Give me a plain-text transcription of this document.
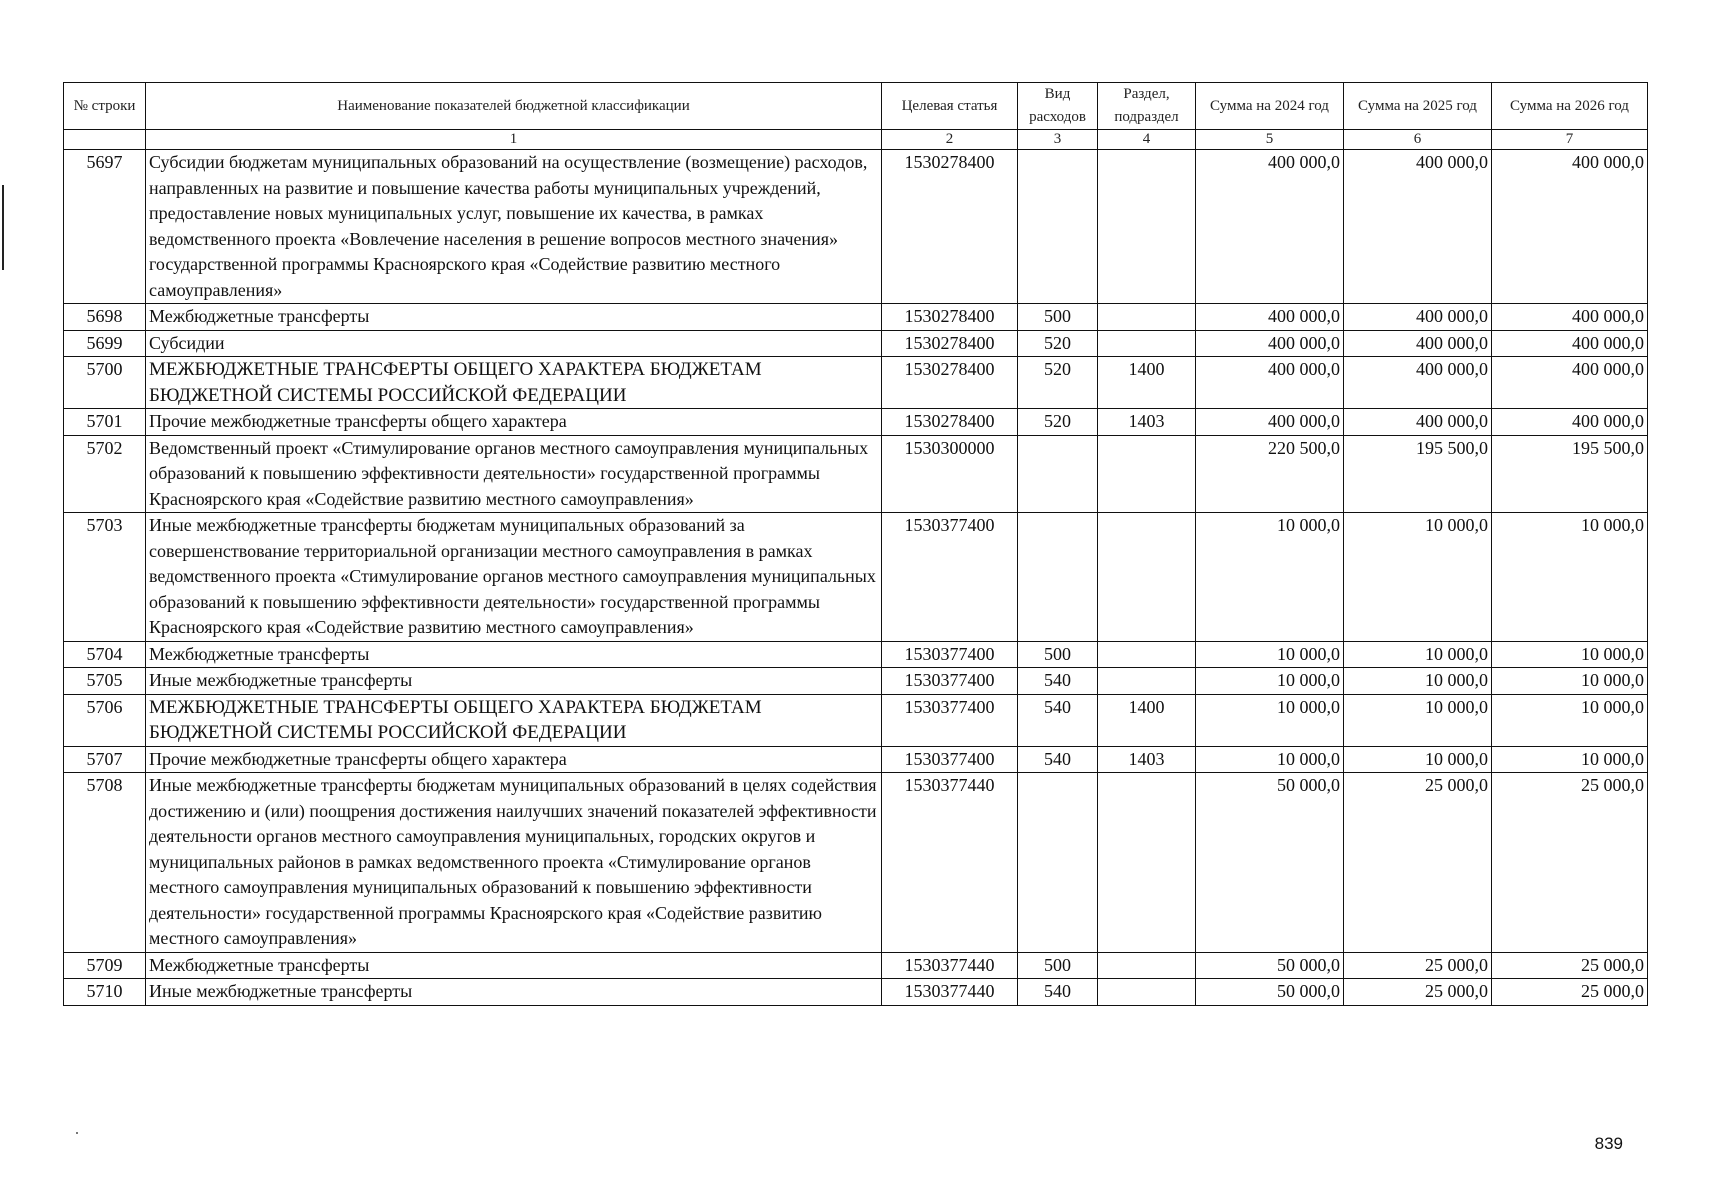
№ строки	Наименование показателей бюджетной классификации	Целевая статья	Вид расходов	Раздел, подраздел	Сумма на 2024 год	Сумма на 2025 год	Сумма на 2026 год
	1	2	3	4	5	6	7
5697	Субсидии бюджетам муниципальных образований на осуществление (возмещение) расходов, направленных на развитие и повышение качества работы муниципальных учреждений, предоставление новых муниципальных услуг, повышение их качества, в рамках ведомственного проекта «Вовлечение населения в решение вопросов местного значения» государственной программы Красноярского края «Содействие развитию местного самоуправления»	1530278400			400 000,0	400 000,0	400 000,0
5698	Межбюджетные трансферты	1530278400	500		400 000,0	400 000,0	400 000,0
5699	Субсидии	1530278400	520		400 000,0	400 000,0	400 000,0
5700	МЕЖБЮДЖЕТНЫЕ ТРАНСФЕРТЫ ОБЩЕГО ХАРАКТЕРА БЮДЖЕТАМ БЮДЖЕТНОЙ СИСТЕМЫ РОССИЙСКОЙ ФЕДЕРАЦИИ	1530278400	520	1400	400 000,0	400 000,0	400 000,0
5701	Прочие межбюджетные трансферты общего характера	1530278400	520	1403	400 000,0	400 000,0	400 000,0
5702	Ведомственный проект «Стимулирование органов местного самоуправления муниципальных образований к повышению эффективности деятельности» государственной программы Красноярского края «Содействие развитию местного самоуправления»	1530300000			220 500,0	195 500,0	195 500,0
5703	Иные межбюджетные трансферты бюджетам муниципальных образований за совершенствование территориальной организации местного самоуправления в рамках ведомственного проекта «Стимулирование органов местного самоуправления муниципальных образований к повышению эффективности деятельности» государственной программы Красноярского края «Содействие развитию местного самоуправления»	1530377400			10 000,0	10 000,0	10 000,0
5704	Межбюджетные трансферты	1530377400	500		10 000,0	10 000,0	10 000,0
5705	Иные межбюджетные трансферты	1530377400	540		10 000,0	10 000,0	10 000,0
5706	МЕЖБЮДЖЕТНЫЕ ТРАНСФЕРТЫ ОБЩЕГО ХАРАКТЕРА БЮДЖЕТАМ БЮДЖЕТНОЙ СИСТЕМЫ РОССИЙСКОЙ ФЕДЕРАЦИИ	1530377400	540	1400	10 000,0	10 000,0	10 000,0
5707	Прочие межбюджетные трансферты общего характера	1530377400	540	1403	10 000,0	10 000,0	10 000,0
5708	Иные межбюджетные трансферты бюджетам муниципальных образований в целях содействия достижению и (или) поощрения достижения наилучших значений показателей эффективности деятельности органов местного самоуправления муниципальных, городских округов и муниципальных районов в рамках ведомственного проекта «Стимулирование органов местного самоуправления муниципальных образований к повышению эффективности деятельности» государственной программы Красноярского края «Содействие развитию местного самоуправления»	1530377440			50 000,0	25 000,0	25 000,0
5709	Межбюджетные трансферты	1530377440	500		50 000,0	25 000,0	25 000,0
5710	Иные межбюджетные трансферты	1530377440	540		50 000,0	25 000,0	25 000,0
839
